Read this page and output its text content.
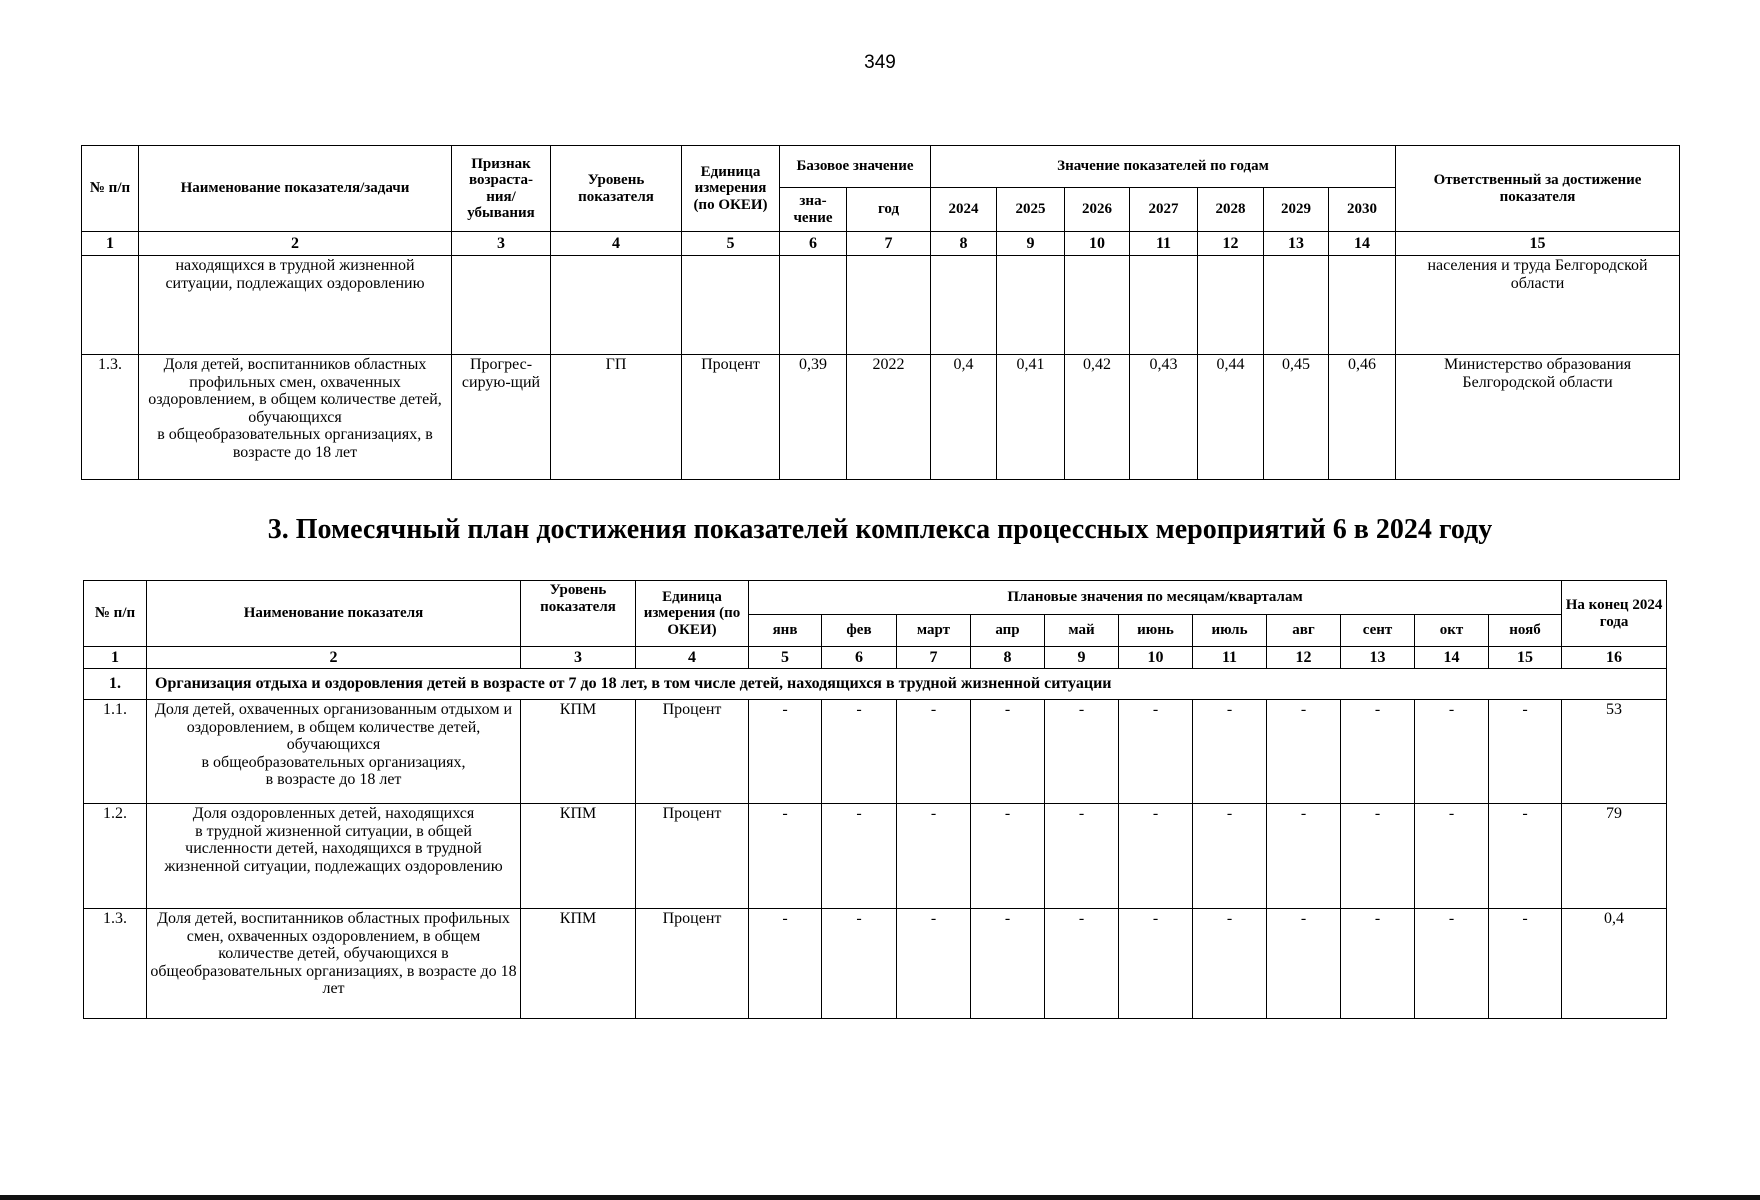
349
№ п/п	Наименование показателя/задачи	Признак возраста-ния/ убывания	Уровень показателя	Единица измерения (по ОКЕИ)	Базовое значение		Значение показателей по годам							Ответственный за достижение показателя
					зна-чение	год	2024	2025	2026	2027	2028	2029	2030	
1	2	3	4	5	6	7	8	9	10	11	12	13	14	15
	находящихся в трудной жизненной ситуации, подлежащих оздоровлению													населения и труда Белгородской области
1.3.	Доля детей, воспитанников областных профильных смен, охваченных оздоровлением, в общем количестве детей, обучающихся
в общеобразовательных организациях, в возрасте до 18 лет	Прогрес-сирую-щий	ГП	Процент	0,39	2022	0,4	0,41	0,42	0,43	0,44	0,45	0,46	Министерство образования Белгородской области
3. Помесячный план достижения показателей комплекса процессных мероприятий 6 в 2024 году
№ п/п	Наименование показателя	Уровень показателя	Единица измерения (по ОКЕИ)	Плановые значения по месяцам/кварталам											На конец 2024 года
				янв	фев	март	апр	май	июнь	июль	авг	сент	окт	нояб	
1	2	3	4	5	6	7	8	9	10	11	12	13	14	15	16
1.	Организация отдыха и оздоровления детей в возрасте от 7 до 18 лет, в том числе детей, находящихся в трудной жизненной ситуации														
1.1.	Доля детей, охваченных организованным отдыхом и оздоровлением, в общем количестве детей, обучающихся
в общеобразовательных организациях,
в возрасте до 18 лет	КПМ	Процент	-	-	-	-	-	-	-	-	-	-	-	53
1.2.	Доля оздоровленных детей, находящихся
в трудной жизненной ситуации, в общей численности детей, находящихся в трудной жизненной ситуации, подлежащих оздоровлению	КПМ	Процент	-	-	-	-	-	-	-	-	-	-	-	79
1.3.	Доля детей, воспитанников областных профильных смен, охваченных оздоровлением, в общем количестве детей, обучающихся в общеобразовательных организациях, в возрасте до 18 лет	КПМ	Процент	-	-	-	-	-	-	-	-	-	-	-	0,4
